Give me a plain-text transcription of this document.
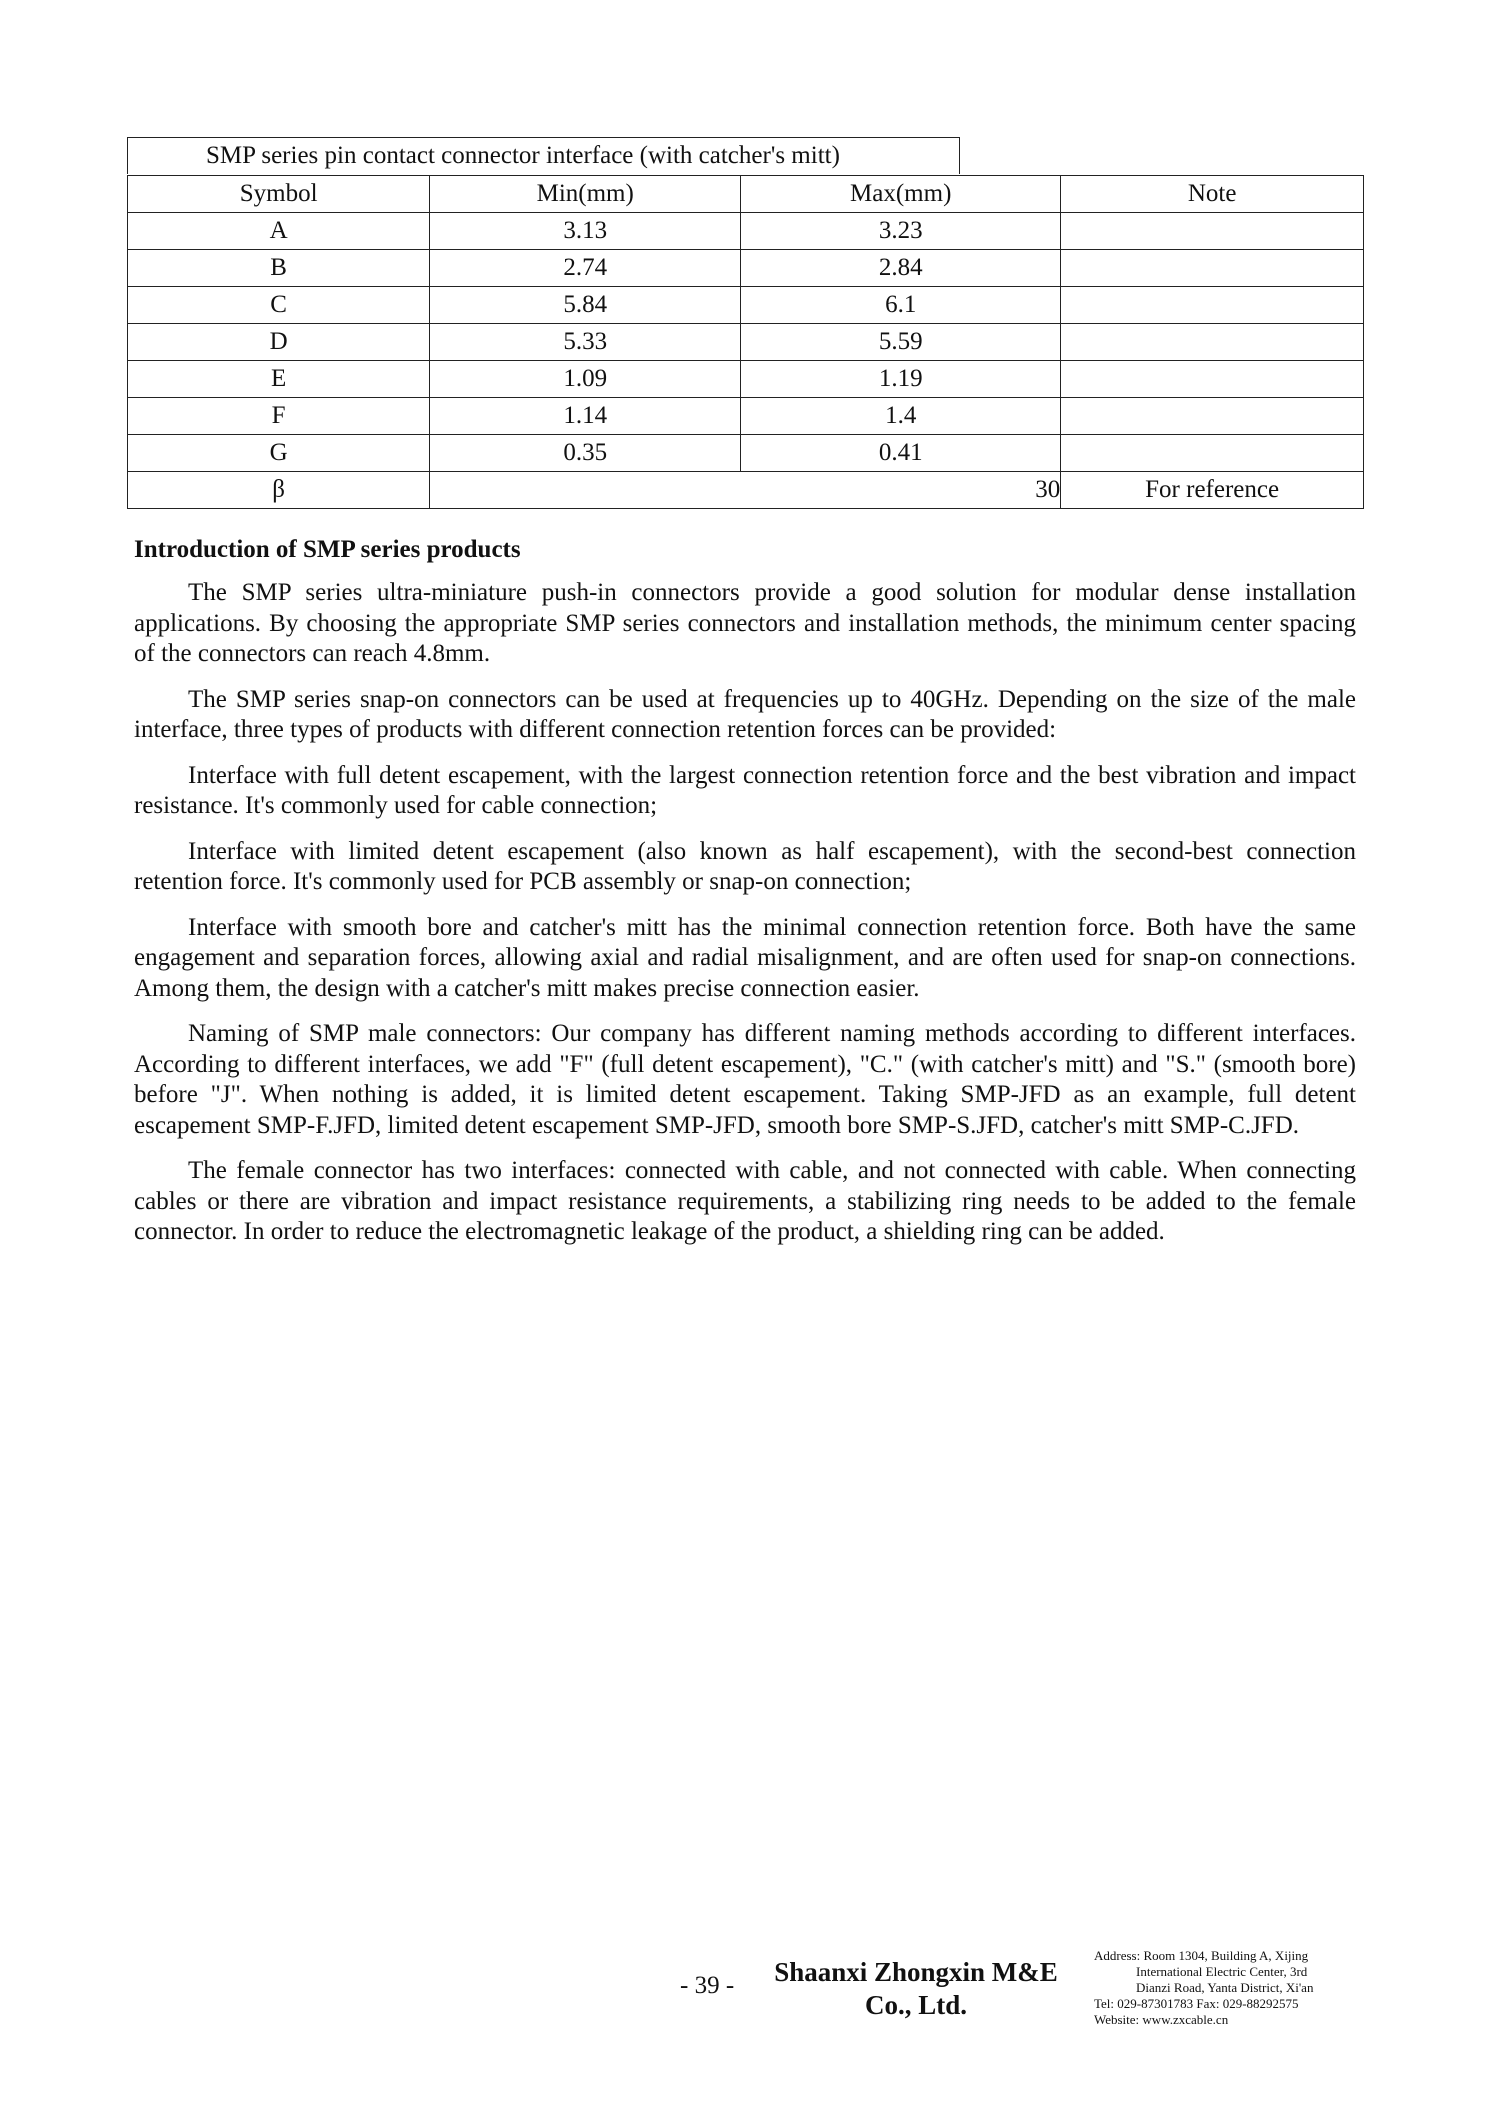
SMP series pin contact connector interface (with catcher's mitt)
Symbol	Min(mm)	Max(mm)	Note
A	3.13	3.23	
B	2.74	2.84	
C	5.84	6.1	
D	5.33	5.59	
E	1.09	1.19	
F	1.14	1.4	
G	0.35	0.41	
β	30		For reference
Introduction of SMP series products

The SMP series ultra-miniature push-in connectors provide a good solution for modular dense installation applications. By choosing the appropriate SMP series connectors and installation methods, the minimum center spacing of the connectors can reach 4.8mm.

The SMP series snap-on connectors can be used at frequencies up to 40GHz. Depending on the size of the male interface, three types of products with different connection retention forces can be provided:

Interface with full detent escapement, with the largest connection retention force and the best vibration and impact resistance. It's commonly used for cable connection;

Interface with limited detent escapement (also known as half escapement), with the second-best connection retention force. It's commonly used for PCB assembly or snap-on connection;

Interface with smooth bore and catcher's mitt has the minimal connection retention force. Both have the same engagement and separation forces, allowing axial and radial misalignment, and are often used for snap-on connections. Among them, the design with a catcher's mitt makes precise connection easier.

Naming of SMP male connectors: Our company has different naming methods according to different interfaces. According to different interfaces, we add "F" (full detent escapement), "C." (with catcher's mitt) and "S." (smooth bore) before "J". When nothing is added, it is limited detent escapement. Taking SMP-JFD as an example, full detent escapement SMP-F.JFD, limited detent escapement SMP-JFD, smooth bore SMP-S.JFD, catcher's mitt SMP-C.JFD.

The female connector has two interfaces: connected with cable, and not connected with cable. When connecting cables or there are vibration and impact resistance requirements, a stabilizing ring needs to be added to the female connector. In order to reduce the electromagnetic leakage of the product, a shielding ring can be added.

- 39 -	Shaanxi Zhongxin M&E
Co., Ltd.
Address: Room 1304, Building A, Xijing
International Electric Center, 3rd
Dianzi Road, Yanta District, Xi'an
Tel: 029-87301783 Fax: 029-88292575
Website: www.zxcable.cn
